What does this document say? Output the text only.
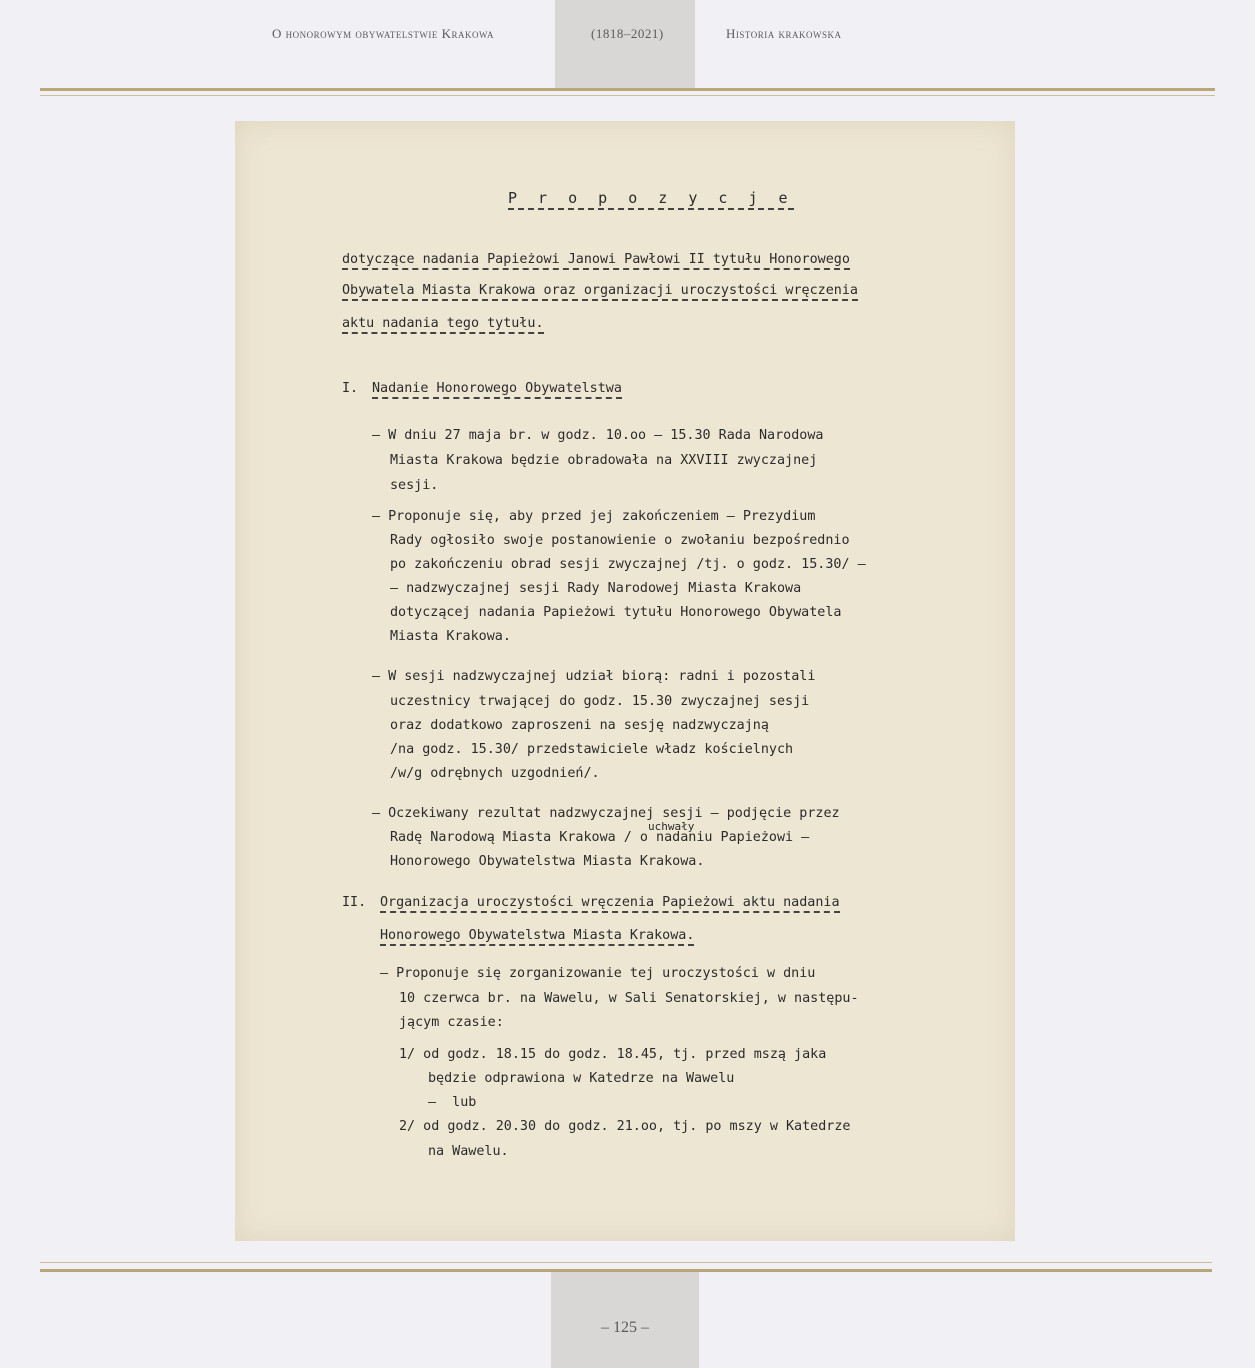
O honorowym obywatelstwie Krakowa	(1818–2021)	Historia krakowska
P r o p o z y c j e
dotyczące nadania Papieżowi Janowi Pawłowi II tytułu Honorowego
Obywatela Miasta Krakowa oraz organizacji uroczystości wręczenia
aktu nadania tego tytułu.
I. Nadanie Honorowego Obywatelstwa
– W dniu 27 maja br. w godz. 10.oo – 15.30 Rada Narodowa
Miasta Krakowa będzie obradowała na XXVIII zwyczajnej
sesji.
– Proponuje się, aby przed jej zakończeniem – Prezydium
Rady ogłosiło swoje postanowienie o zwołaniu bezpośrednio
po zakończeniu obrad sesji zwyczajnej /tj. o godz. 15.30/ –
– nadzwyczajnej sesji Rady Narodowej Miasta Krakowa
dotyczącej nadania Papieżowi tytułu Honorowego Obywatela
Miasta Krakowa.
– W sesji nadzwyczajnej udział biorą: radni i pozostali
uczestnicy trwającej do godz. 15.30 zwyczajnej sesji
oraz dodatkowo zaproszeni na sesję nadzwyczajną
/na godz. 15.30/ przedstawiciele władz kościelnych
/w/g odrębnych uzgodnień/.
– Oczekiwany rezultat nadzwyczajnej sesji – podjęcie przez
uchwały
Radę Narodową Miasta Krakowa / o nadaniu Papieżowi –
Honorowego Obywatelstwa Miasta Krakowa.
II. Organizacja uroczystości wręczenia Papieżowi aktu nadania
Honorowego Obywatelstwa Miasta Krakowa.
– Proponuje się zorganizowanie tej uroczystości w dniu
10 czerwca br. na Wawelu, w Sali Senatorskiej, w następu-
jącym czasie:
1/ od godz. 18.15 do godz. 18.45, tj. przed mszą jaka
będzie odprawiona w Katedrze na Wawelu
–  lub
2/ od godz. 20.30 do godz. 21.oo, tj. po mszy w Katedrze
na Wawelu.
– 125 –
